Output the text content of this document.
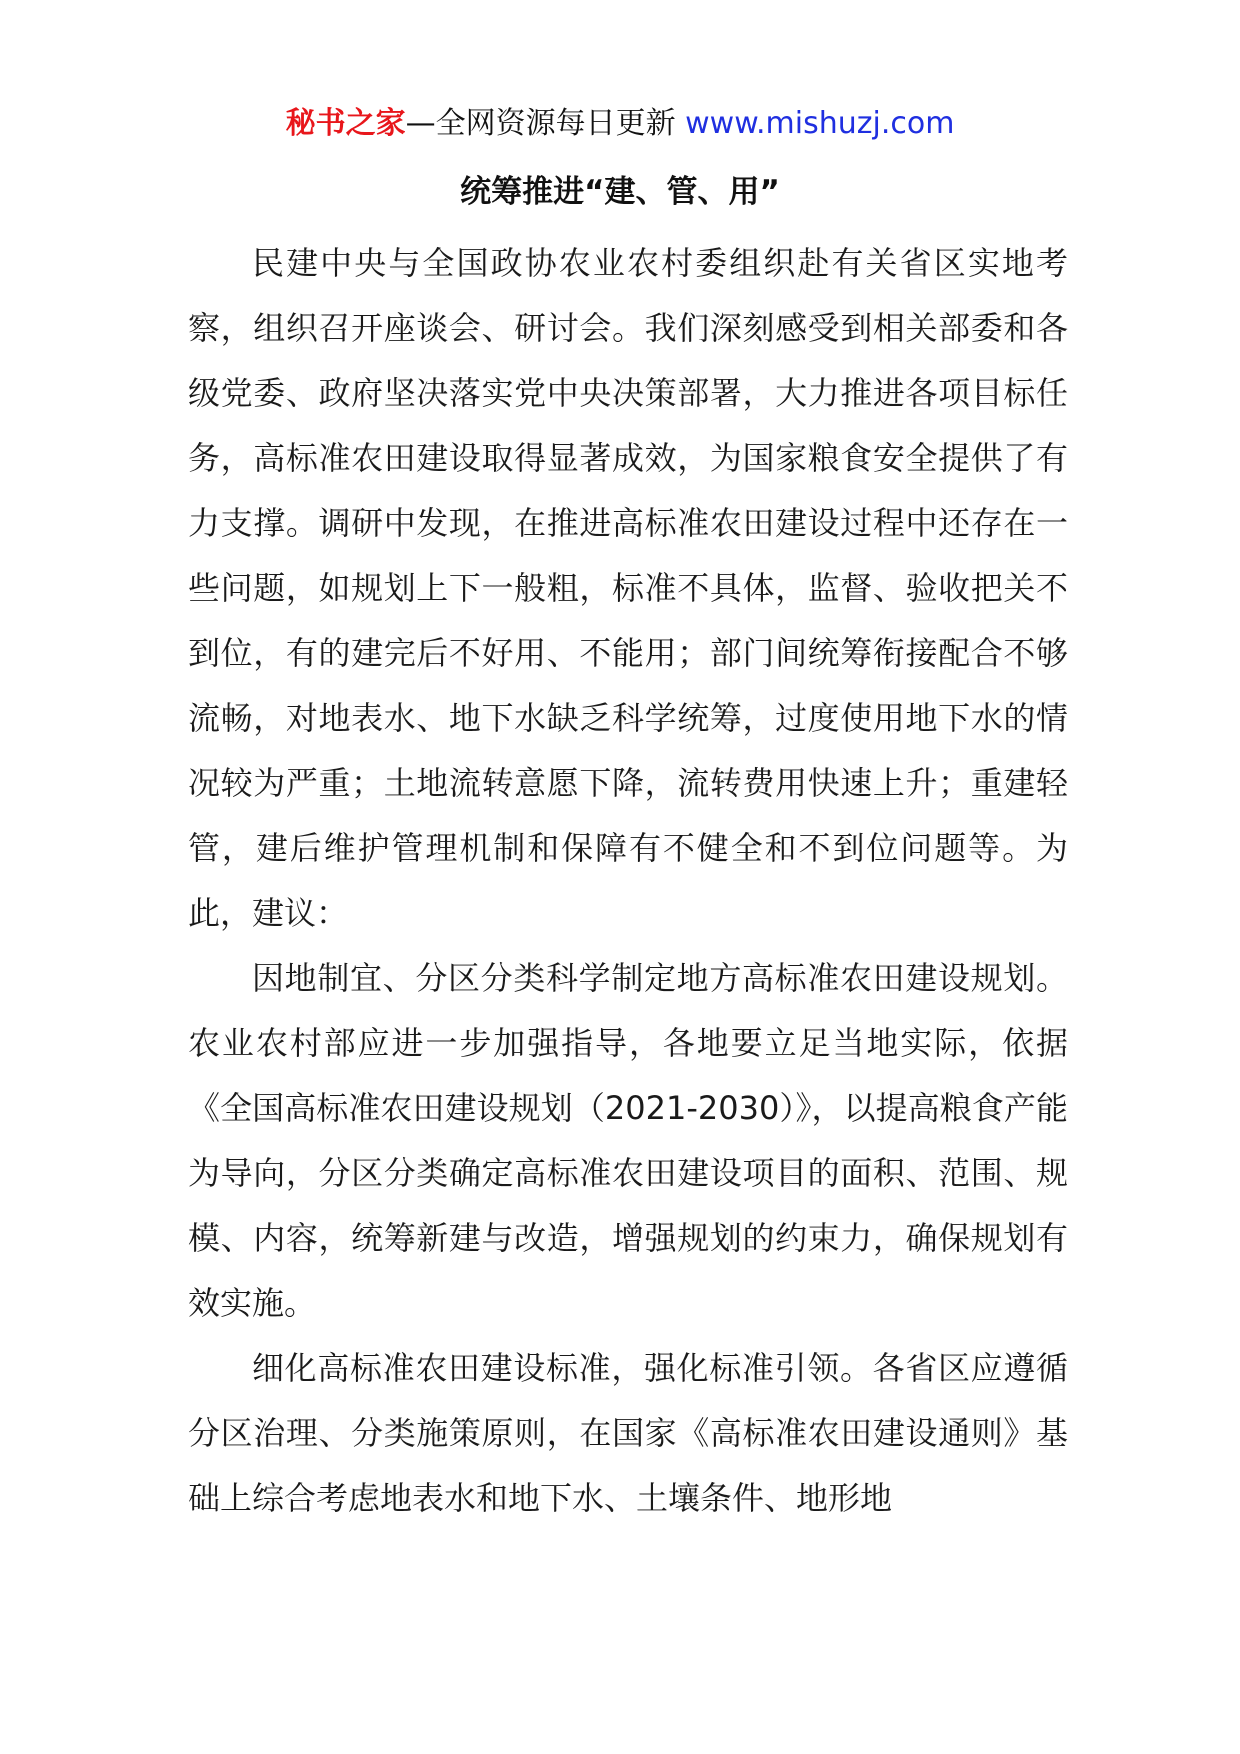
秘书之家—全网资源每日更新 www.mishuzj.com
统筹推进“建、管、用”

民建中央与全国政协农业农村委组织赴有关省区实地考察，组织召开座谈会、研讨会。我们深刻感受到相关部委和各级党委、政府坚决落实党中央决策部署，大力推进各项目标任务，高标准农田建设取得显著成效，为国家粮食安全提供了有力支撑。调研中发现，在推进高标准农田建设过程中还存在一些问题，如规划上下一般粗，标准不具体，监督、验收把关不到位，有的建完后不好用、不能用；部门间统筹衔接配合不够流畅，对地表水、地下水缺乏科学统筹，过度使用地下水的情况较为严重；土地流转意愿下降，流转费用快速上升；重建轻管，建后维护管理机制和保障有不健全和不到位问题等。为此，建议：

因地制宜、分区分类科学制定地方高标准农田建设规划。农业农村部应进一步加强指导，各地要立足当地实际，依据《全国高标准农田建设规划（2021-2030）》，以提高粮食产能为导向，分区分类确定高标准农田建设项目的面积、范围、规模、内容，统筹新建与改造，增强规划的约束力，确保规划有效实施。

细化高标准农田建设标准，强化标准引领。各省区应遵循分区治理、分类施策原则，在国家《高标准农田建设通则》基础上综合考虑地表水和地下水、土壤条件、地形地
